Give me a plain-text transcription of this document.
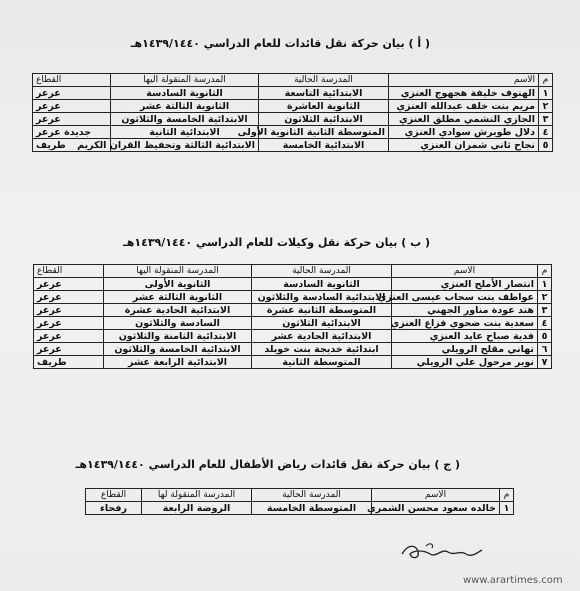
( أ ) بيان حركة نقل قائدات للعام الدراسي ١٤٣٩/١٤٤٠هـ
م	الاسم	المدرسة الحالية	المدرسة المنقولة اليها	القطاع
١	الهنوف خليفة هجهوج العنزي	الابتدائية التاسعة	الثانوية السادسة	عرعر
٢	مريم بنت خلف عبدالله العنزي	الثانوية العاشرة	الثانوية الثالثة عشر	عرعر
٣	الجازي النشمي مطلق العنزي	الابتدائية الثلاثون	الابتدائية الخامسة والثلاثون	عرعر
٤	دلال طويرش سوادي العنزي	المتوسطة الثانية الثانوية الأولى	الابتدائية الثانية	جديدة عرعر
٥	نجاح ثاني شمران العنزي	الابتدائية الخامسة	الابتدائية الثالثة وتحفيظ القران الكريم	طريف
( ب ) بيان حركة نقل وكيلات للعام الدراسي ١٤٣٩/١٤٤٠هـ
م	الاسم	المدرسة الحالية	المدرسة المنقولة اليها	القطاع
١	انتصار الأملح العنزي	الثانوية السادسة	الثانوية الأولى	عرعر
٢	عواطف بنت سحاب عيسى العنزي	الابتدائية السادسة والثلاثون	الثانوية الثالثة عشر	عرعر
٣	هند عودة مناور الجهني	المتوسطة الثانية عشرة	الابتدائية الحادية عشرة	عرعر
٤	سعدية بنت ضحوي فزاع العنزي	الابتدائية الثلاثون	السادسة والثلاثون	عرعر
٥	فدية صباح عايد العنزي	الابتدائية الحادية عشر	الابتدائية الثامنة والثلاثون	عرعر
٦	تهاني مقلح الرويلي	ابتدائية خديجة بنت خويلد	الابتدائية الخامسة والثلاثون	عرعر
٧	نوير مرحول علي الرويلي	المتوسطة الثانية	الابتدائية الرابعة عشر	طريف
( ج ) بيان حركة نقل قائدات رياض الأطفال للعام الدراسي ١٤٣٩/١٤٤٠هـ
م	الاسم	المدرسة الحالية	المدرسة المنقولة لها	القطاع
١	خالده سعود محسن الشمري	المتوسطة الخامسة	الروضة الرابعة	رفحاء
www.arartimes.com
